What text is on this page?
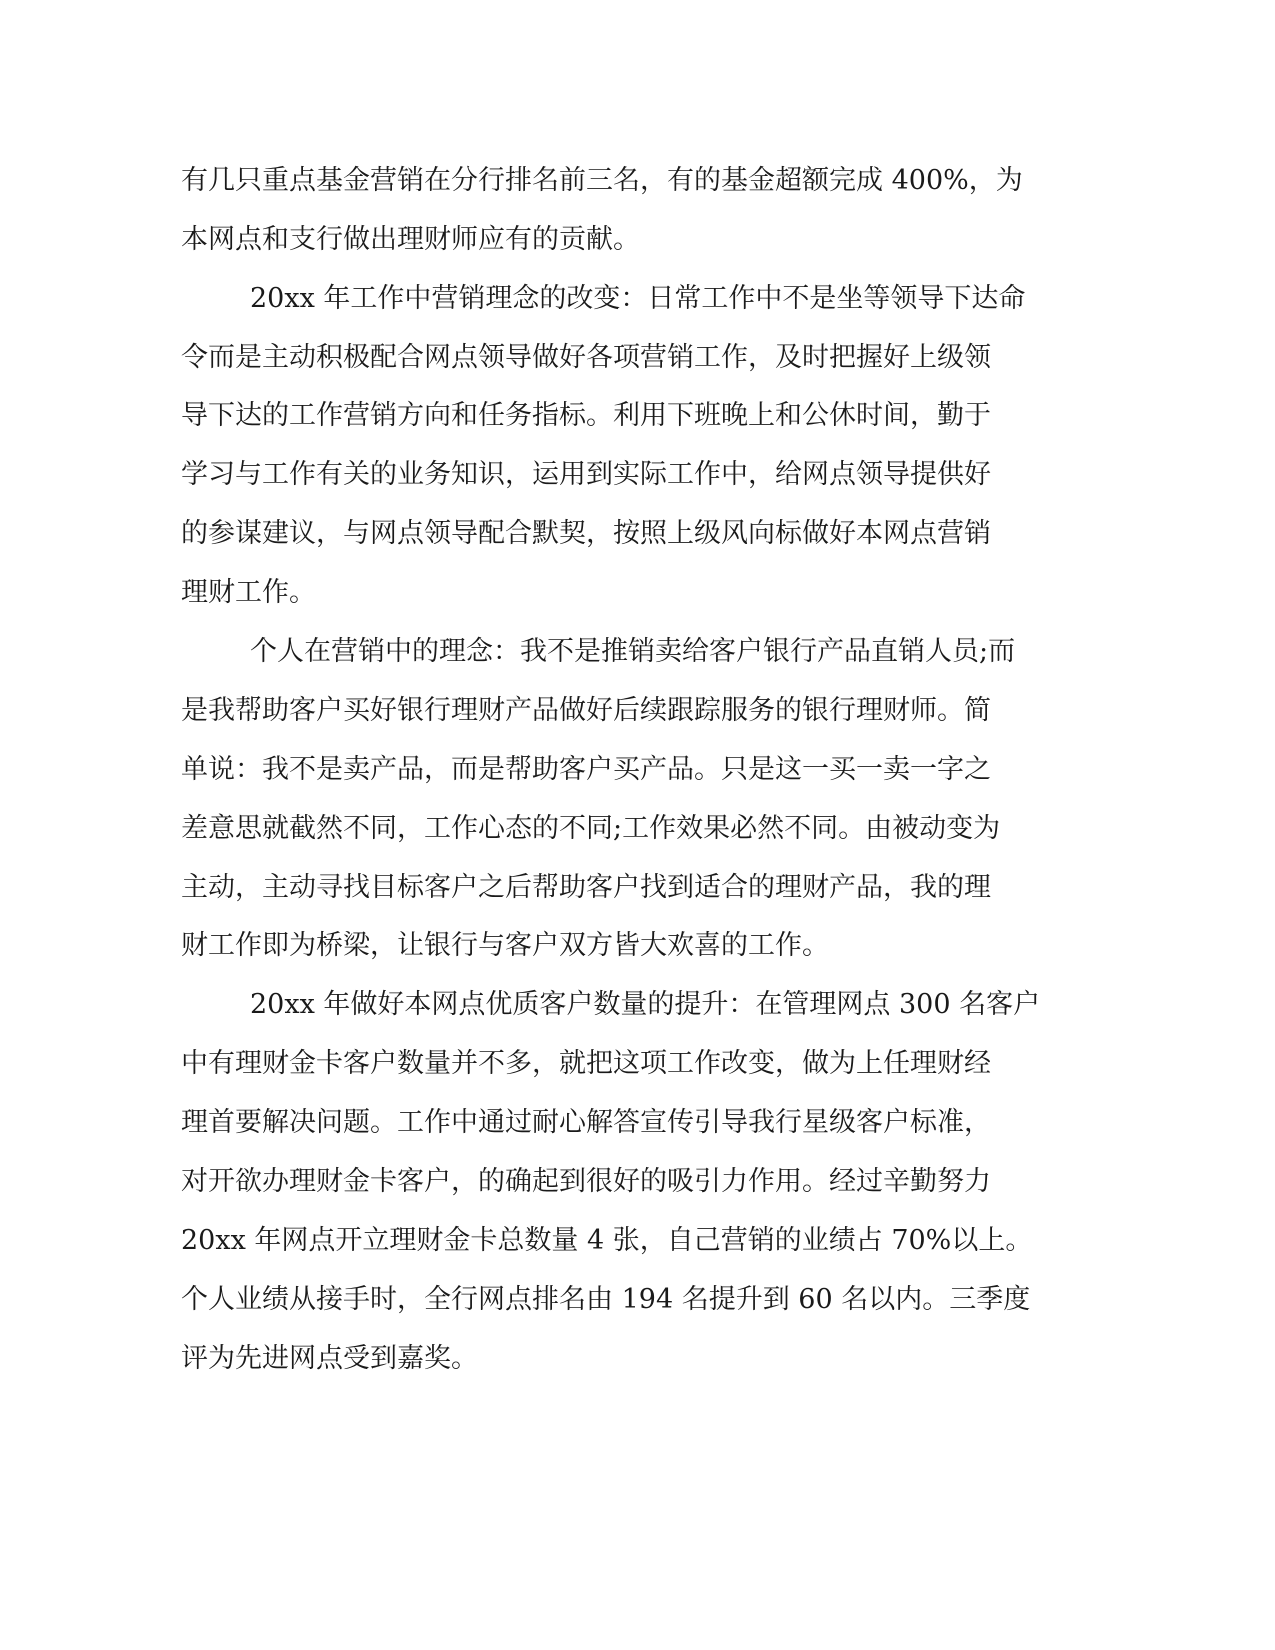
有几只重点基金营销在分行排名前三名，有的基金超额完成 400%，为
本网点和支行做出理财师应有的贡献。
20xx 年工作中营销理念的改变：日常工作中不是坐等领导下达命
令而是主动积极配合网点领导做好各项营销工作，及时把握好上级领
导下达的工作营销方向和任务指标。利用下班晚上和公休时间，勤于
学习与工作有关的业务知识，运用到实际工作中，给网点领导提供好
的参谋建议，与网点领导配合默契，按照上级风向标做好本网点营销
理财工作。
个人在营销中的理念：我不是推销卖给客户银行产品直销人员;而
是我帮助客户买好银行理财产品做好后续跟踪服务的银行理财师。简
单说：我不是卖产品，而是帮助客户买产品。只是这一买一卖一字之
差意思就截然不同，工作心态的不同;工作效果必然不同。由被动变为
主动，主动寻找目标客户之后帮助客户找到适合的理财产品，我的理
财工作即为桥梁，让银行与客户双方皆大欢喜的工作。
20xx 年做好本网点优质客户数量的提升：在管理网点 300 名客户
中有理财金卡客户数量并不多，就把这项工作改变，做为上任理财经
理首要解决问题。工作中通过耐心解答宣传引导我行星级客户标准，
对开欲办理财金卡客户，的确起到很好的吸引力作用。经过辛勤努力
20xx 年网点开立理财金卡总数量 4 张，自己营销的业绩占 70%以上。
个人业绩从接手时，全行网点排名由 194 名提升到 60 名以内。三季度
评为先进网点受到嘉奖。
